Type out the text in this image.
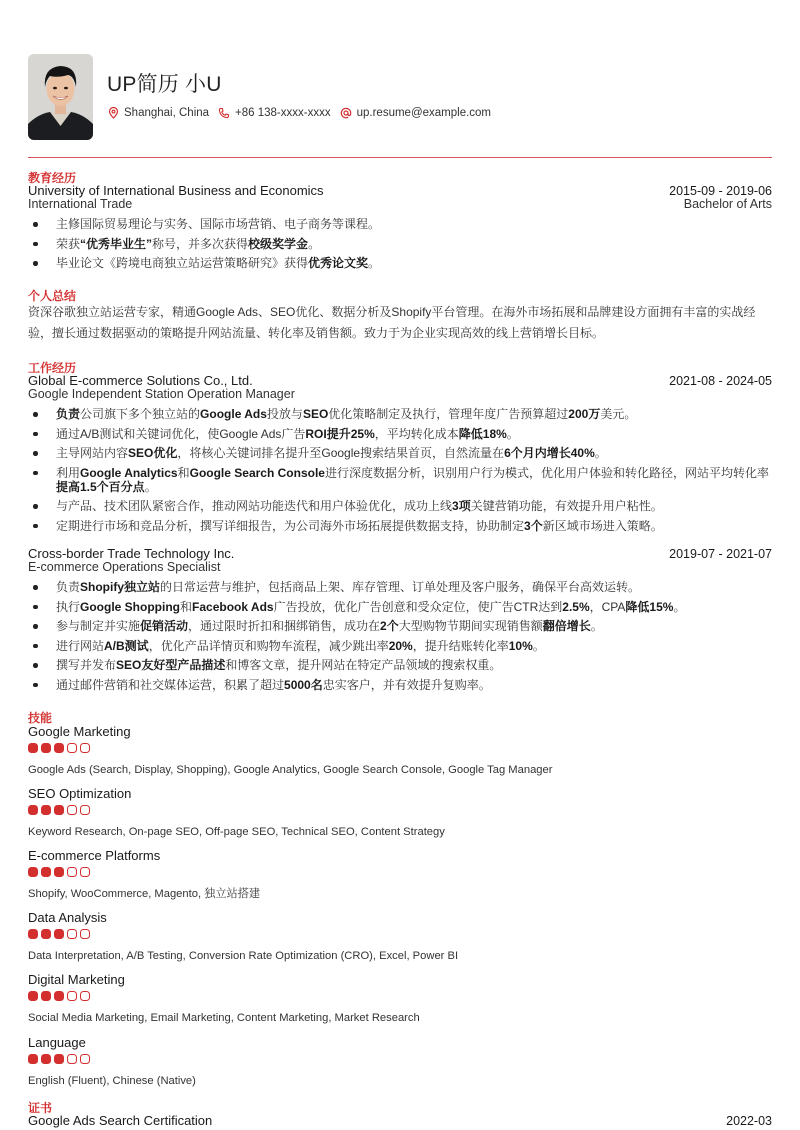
UP简历 小U
Shanghai, China +86 138-xxxx-xxxx up.resume@example.com
教育经历
University of International Business and Economics	2015-09 - 2019-06
International Trade	Bachelor of Arts
主修国际贸易理论与实务、国际市场营销、电子商务等课程。
荣获“优秀毕业生”称号，并多次获得校级奖学金。
毕业论文《跨境电商独立站运营策略研究》获得优秀论文奖。
个人总结
资深谷歌独立站运营专家，精通Google Ads、SEO优化、数据分析及Shopify平台管理。在海外市场拓展和品牌建设方面拥有丰富的实战经验，擅长通过数据驱动的策略提升网站流量、转化率及销售额。致力于为企业实现高效的线上营销增长目标。
工作经历
Global E-commerce Solutions Co., Ltd.	2021-08 - 2024-05
Google Independent Station Operation Manager
负责公司旗下多个独立站的Google Ads投放与SEO优化策略制定及执行，管理年度广告预算超过200万美元。
通过A/B测试和关键词优化，使Google Ads广告ROI提升25%，平均转化成本降低18%。
主导网站内容SEO优化，将核心关键词排名提升至Google搜索结果首页，自然流量在6个月内增长40%。
利用Google Analytics和Google Search Console进行深度数据分析，识别用户行为模式，优化用户体验和转化路径，网站平均转化率提高1.5个百分点。
与产品、技术团队紧密合作，推动网站功能迭代和用户体验优化，成功上线3项关键营销功能，有效提升用户粘性。
定期进行市场和竞品分析，撰写详细报告，为公司海外市场拓展提供数据支持，协助制定3个新区域市场进入策略。
Cross-border Trade Technology Inc.	2019-07 - 2021-07
E-commerce Operations Specialist
负责Shopify独立站的日常运营与维护，包括商品上架、库存管理、订单处理及客户服务，确保平台高效运转。
执行Google Shopping和Facebook Ads广告投放，优化广告创意和受众定位，使广告CTR达到2.5%，CPA降低15%。
参与制定并实施促销活动，通过限时折扣和捆绑销售，成功在2个大型购物节期间实现销售额翻倍增长。
进行网站A/B测试，优化产品详情页和购物车流程，减少跳出率20%，提升结账转化率10%。
撰写并发布SEO友好型产品描述和博客文章，提升网站在特定产品领域的搜索权重。
通过邮件营销和社交媒体运营，积累了超过5000名忠实客户，并有效提升复购率。
技能
Google Marketing
Google Ads (Search, Display, Shopping), Google Analytics, Google Search Console, Google Tag Manager
SEO Optimization
Keyword Research, On-page SEO, Off-page SEO, Technical SEO, Content Strategy
E-commerce Platforms
Shopify, WooCommerce, Magento, 独立站搭建
Data Analysis
Data Interpretation, A/B Testing, Conversion Rate Optimization (CRO), Excel, Power BI
Digital Marketing
Social Media Marketing, Email Marketing, Content Marketing, Market Research
Language
English (Fluent), Chinese (Native)
证书
Google Ads Search Certification	2022-03
